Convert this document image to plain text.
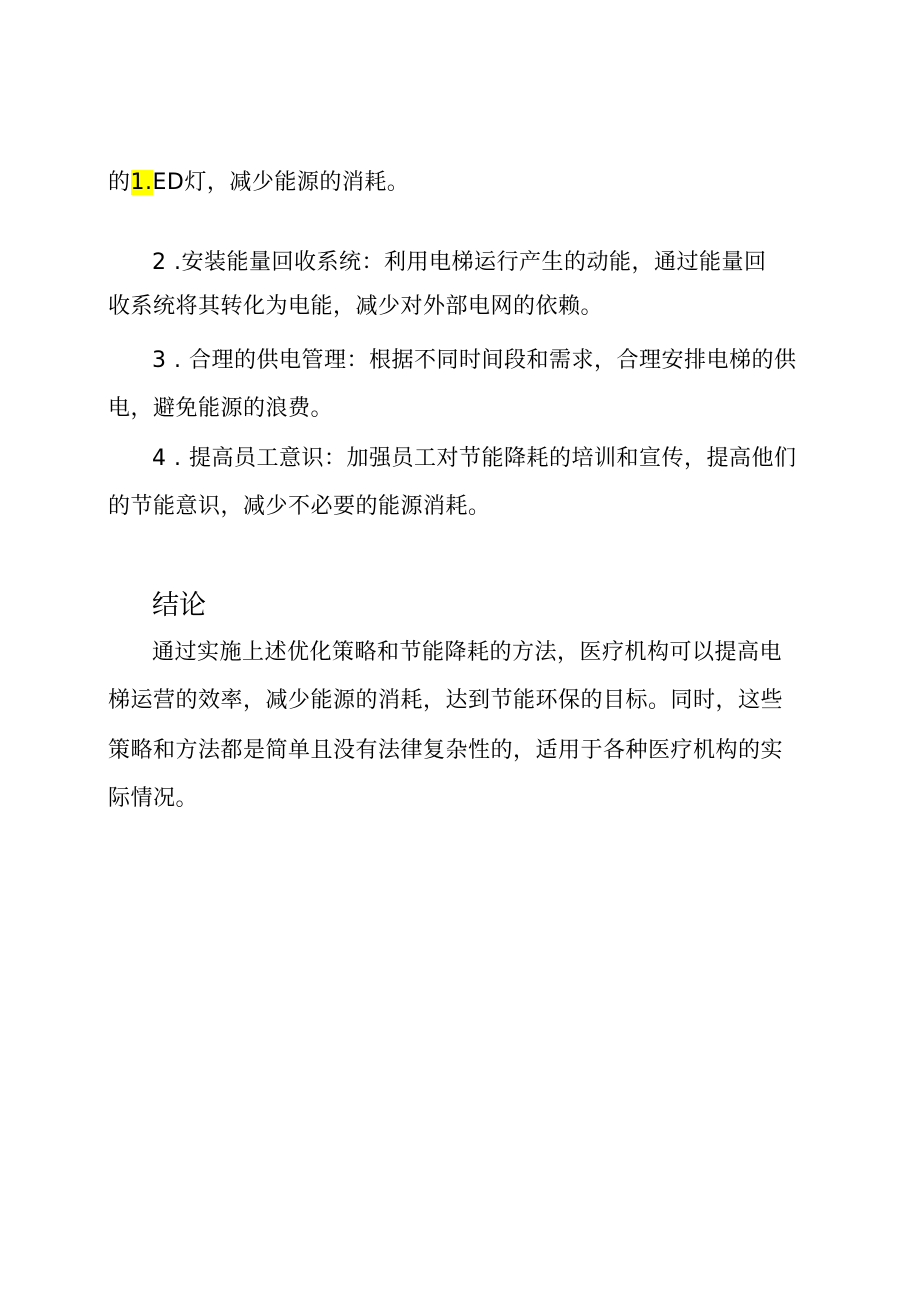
的1.ED灯，减少能源的消耗。
2 .安装能量回收系统：利用电梯运行产生的动能，通过能量回
收系统将其转化为电能，减少对外部电网的依赖。
3 . 合理的供电管理：根据不同时间段和需求，合理安排电梯的供
电，避免能源的浪费。
4 . 提高员工意识：加强员工对节能降耗的培训和宣传，提高他们
的节能意识，减少不必要的能源消耗。
结论
通过实施上述优化策略和节能降耗的方法，医疗机构可以提高电
梯运营的效率，减少能源的消耗，达到节能环保的目标。同时，这些
策略和方法都是简单且没有法律复杂性的，适用于各种医疗机构的实
际情况。
